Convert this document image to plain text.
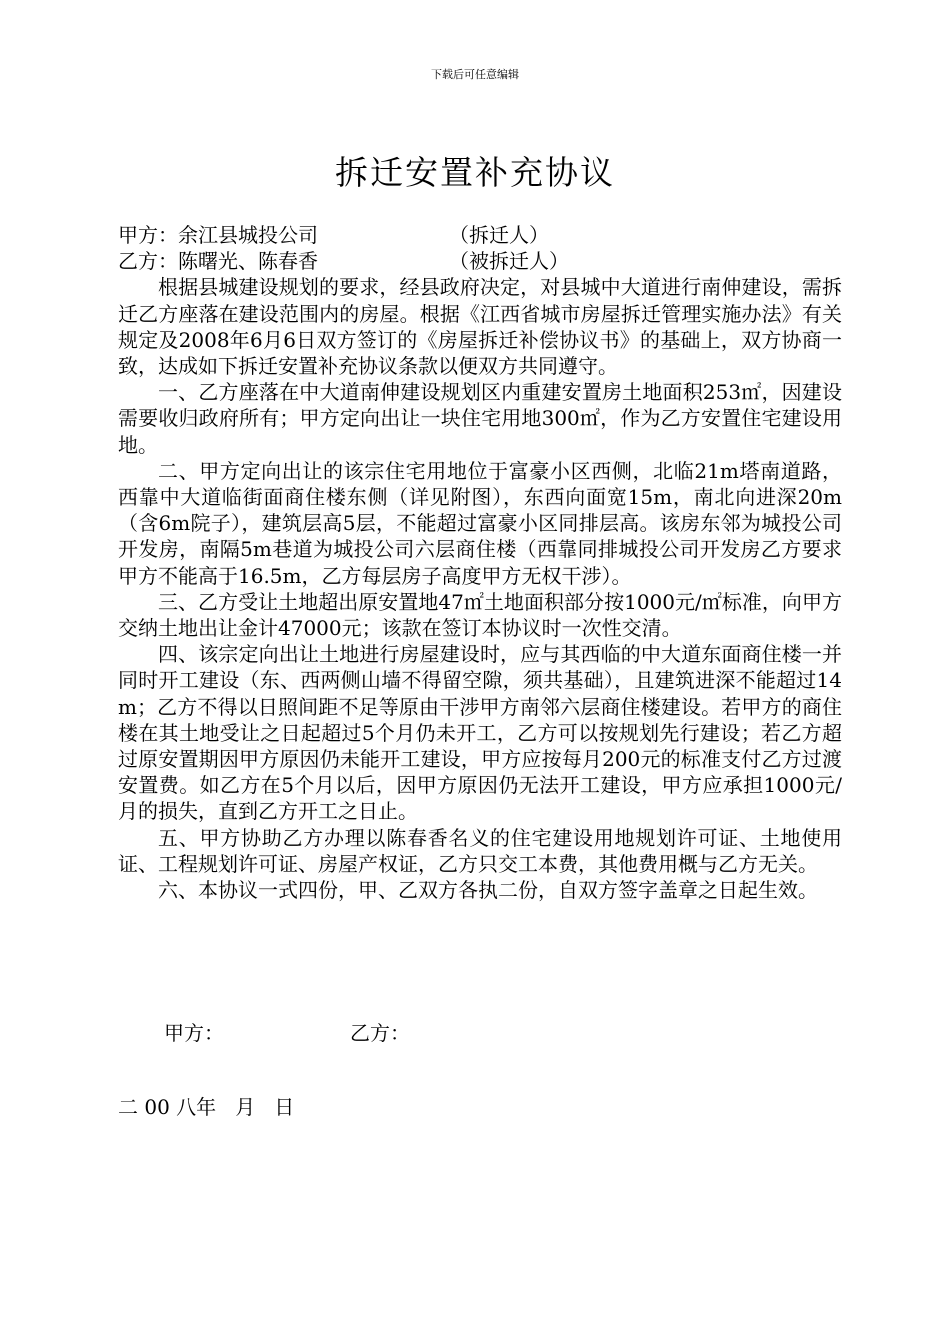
下载后可任意编辑
拆迁安置补充协议
甲方：余江县城投公司	（拆迁人）
乙方：陈曙光、陈春香	（被拆迁人）

根据县城建设规划的要求，经县政府决定，对县城中大道进行南伸建设，需拆迁乙方座落在建设范围内的房屋。根据《江西省城市房屋拆迁管理实施办法》有关规定及2008年6月6日双方签订的《房屋拆迁补偿协议书》的基础上，双方协商一致，达成如下拆迁安置补充协议条款以便双方共同遵守。

一、乙方座落在中大道南伸建设规划区内重建安置房土地面积253㎡，因建设需要收归政府所有；甲方定向出让一块住宅用地300㎡，作为乙方安置住宅建设用地。

二、甲方定向出让的该宗住宅用地位于富豪小区西侧，北临21m塔南道路，西靠中大道临街面商住楼东侧（详见附图），东西向面宽15m，南北向进深20m（含6m院子），建筑层高5层，不能超过富豪小区同排层高。该房东邻为城投公司开发房，南隔5m巷道为城投公司六层商住楼（西靠同排城投公司开发房乙方要求甲方不能高于16.5m，乙方每层房子高度甲方无权干涉）。

三、乙方受让土地超出原安置地47㎡土地面积部分按1000元/㎡标准，向甲方交纳土地出让金计47000元；该款在签订本协议时一次性交清。

四、该宗定向出让土地进行房屋建设时，应与其西临的中大道东面商住楼一并同时开工建设（东、西两侧山墙不得留空隙，须共基础），且建筑进深不能超过14m；乙方不得以日照间距不足等原由干涉甲方南邻六层商住楼建设。若甲方的商住楼在其土地受让之日起超过5个月仍未开工，乙方可以按规划先行建设；若乙方超过原安置期因甲方原因仍未能开工建设，甲方应按每月200元的标准支付乙方过渡安置费。如乙方在5个月以后，因甲方原因仍无法开工建设，甲方应承担1000元/月的损失，直到乙方开工之日止。

五、甲方协助乙方办理以陈春香名义的住宅建设用地规划许可证、土地使用证、工程规划许可证、房屋产权证，乙方只交工本费，其他费用概与乙方无关。

六、本协议一式四份，甲、乙双方各执二份，自双方签字盖章之日起生效。

甲方：	乙方：
二 00 八年   月   日
